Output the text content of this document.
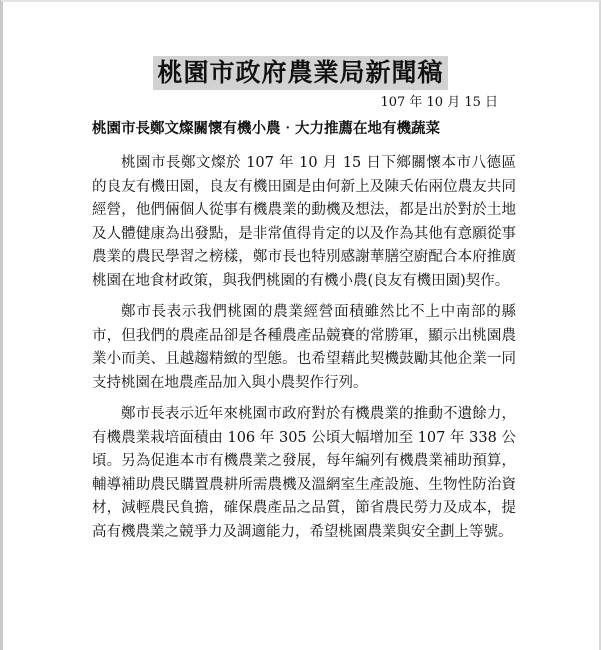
桃園市政府農業局新聞稿
107 年 10 月 15 日
桃園市長鄭文燦關懷有機小農‧大力推薦在地有機蔬菜

桃園市長鄭文燦於 107 年 10 月 15 日下鄉關懷本市八德區的良友有機田園，良友有機田園是由何新上及陳夭佑兩位農友共同經營，他們倆個人從事有機農業的動機及想法，都是出於對於土地及人體健康為出發點，是非常值得肯定的以及作為其他有意願從事農業的農民學習之榜樣，鄭市長也特別感謝華膳空廚配合本府推廣桃園在地食材政策，與我們桃園的有機小農(良友有機田園)契作。

鄭市長表示我們桃園的農業經營面積雖然比不上中南部的縣市，但我們的農產品卻是各種農產品競賽的常勝軍，顯示出桃園農業小而美、且越趨精緻的型態。也希望藉此契機鼓勵其他企業一同支持桃園在地農產品加入與小農契作行列。

鄭市長表示近年來桃園市政府對於有機農業的推動不遺餘力，有機農業栽培面積由 106 年 305 公頃大幅增加至 107 年 338 公頃。另為促進本市有機農業之發展，每年編列有機農業補助預算，輔導補助農民購置農耕所需農機及溫網室生產設施、生物性防治資材，減輕農民負擔，確保農產品之品質，節省農民勞力及成本，提高有機農業之競爭力及調適能力，希望桃園農業與安全劃上等號。
